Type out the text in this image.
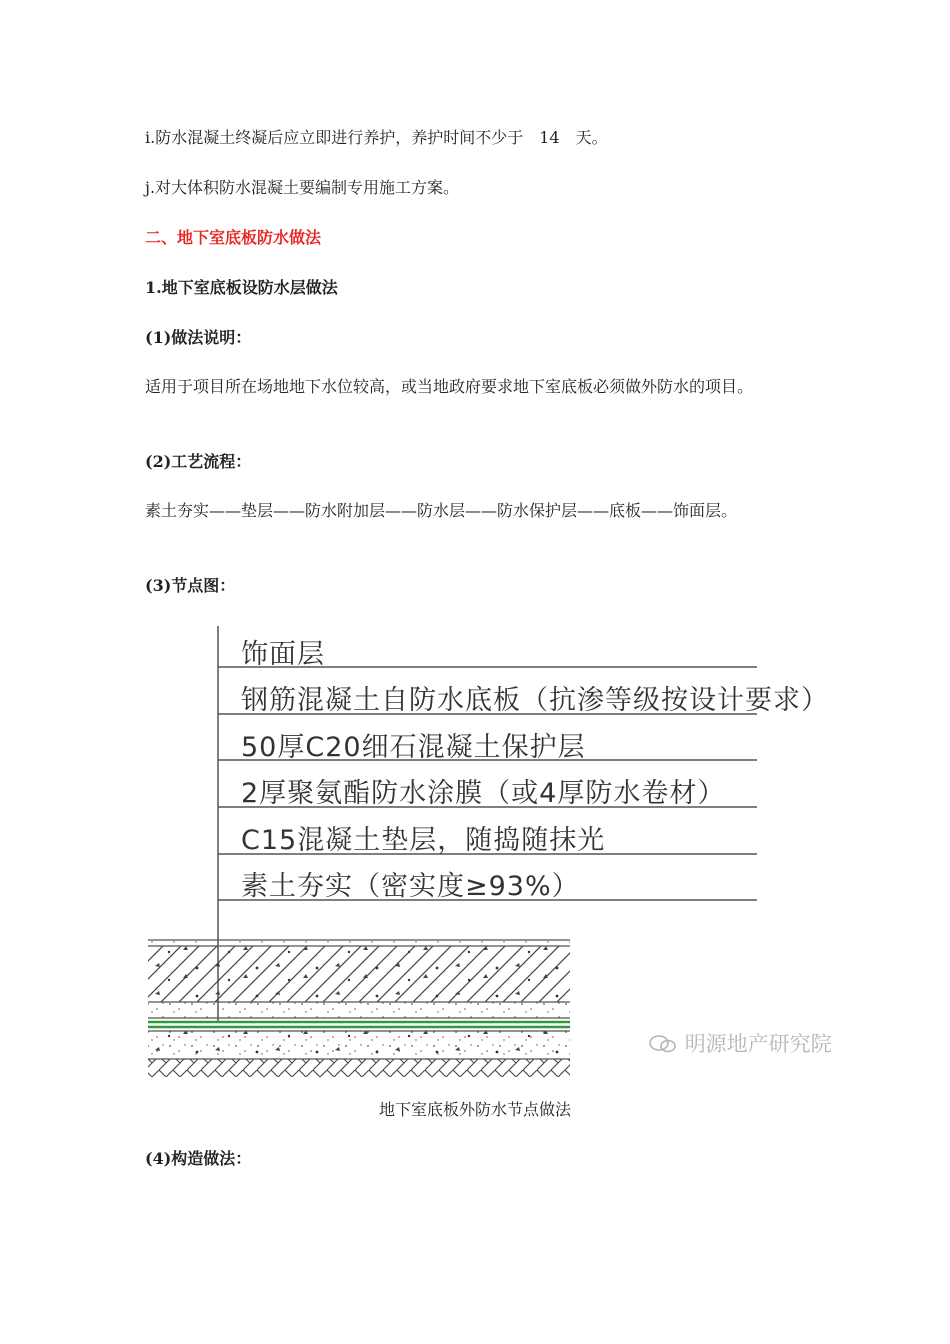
i.防水混凝土终凝后应立即进行养护，养护时间不少于　14　天。

j.对大体积防水混凝土要编制专用施工方案。

二、地下室底板防水做法

1.地下室底板设防水层做法

(1)做法说明：

适用于项目所在场地地下水位较高，或当地政府要求地下室底板必须做外防水的项目。

(2)工艺流程：

素土夯实——垫层——防水附加层——防水层——防水保护层——底板——饰面层。

(3)节点图：

饰面层
钢筋混凝土自防水底板（抗渗等级按设计要求）
50厚C20细石混凝土保护层
2厚聚氨酯防水涂膜（或4厚防水卷材）
C15混凝土垫层，随捣随抹光
素土夯实（密实度≥93%）
明源地产研究院
地下室底板外防水节点做法

(4)构造做法：
